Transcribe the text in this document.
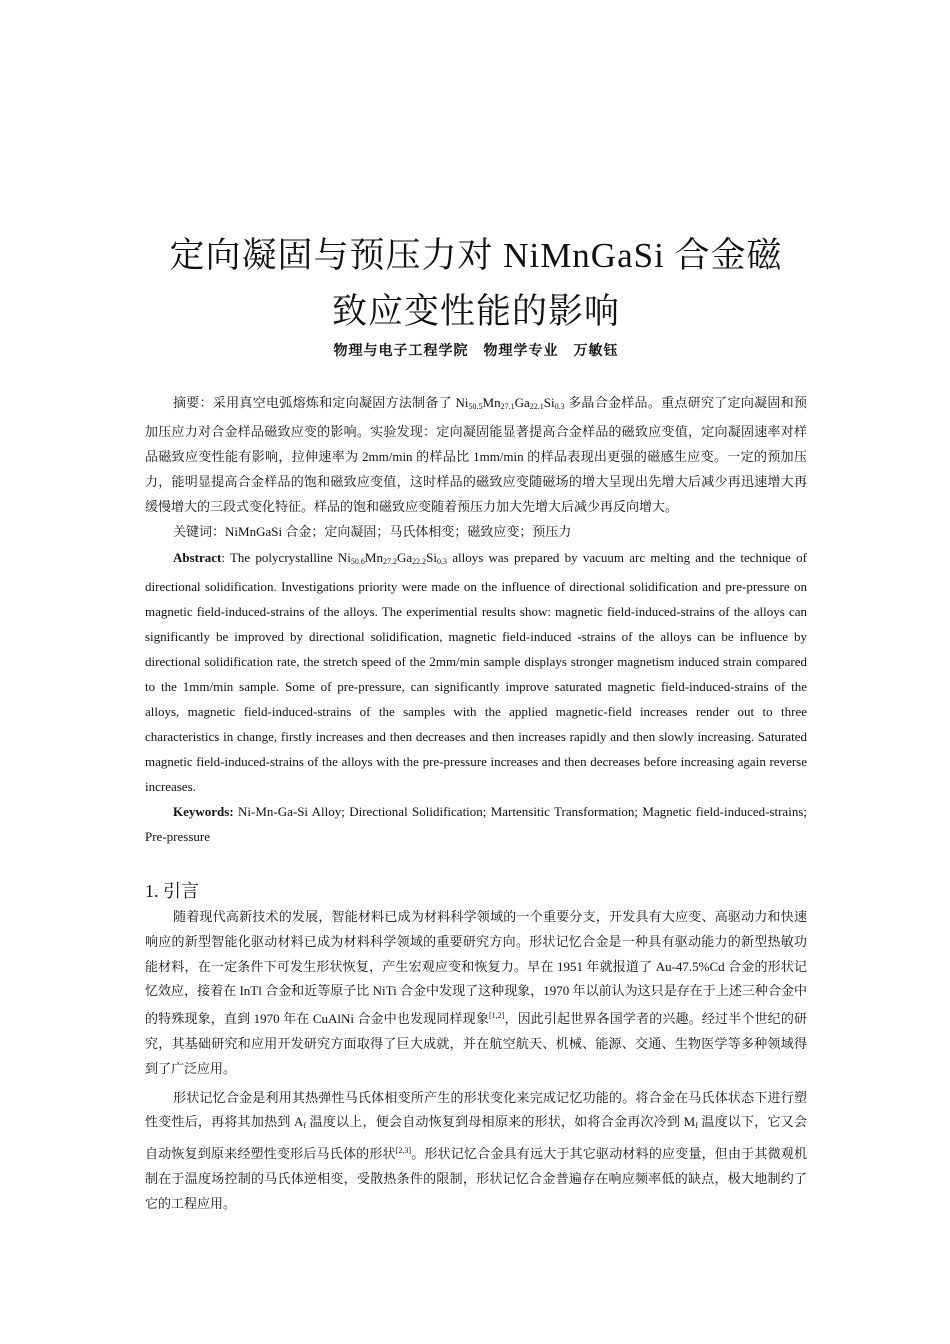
定向凝固与预压力对 NiMnGaSi 合金磁
致应变性能的影响
物理与电子工程学院　物理学专业　万敏钰

摘要：采用真空电弧熔炼和定向凝固方法制备了 $Ni_{50.5}Mn_{27.1}Ga_{22.1}Si_{0.3}$ 多晶合金样品。重点研究了定向凝固和预加压应力对合金样品磁致应变的影响。实验发现：定向凝固能显著提高合金样品的磁致应变值，定向凝固速率对样品磁致应变性能有影响，拉伸速率为 2mm/min 的样品比 1mm/min 的样品表现出更强的磁感生应变。一定的预加压力，能明显提高合金样品的饱和磁致应变值，这时样品的磁致应变随磁场的增大呈现出先增大后减少再迅速增大再缓慢增大的三段式变化特征。样品的饱和磁致应变随着预压力加大先增大后减少再反向增大。

关键词：NiMnGaSi 合金；定向凝固；马氏体相变；磁致应变；预压力

Abstract: The polycrystalline $Ni_{50.6}Mn_{27.2}Ga_{22.2}Si_{0.3}$ alloys was prepared by vacuum arc melting and the technique of directional solidification. Investigations priority were made on the influence of directional solidification and pre-pressure on magnetic field-induced-strains of the alloys. The experimential results show: magnetic field-induced-strains of the alloys can significantly be improved by directional solidification, magnetic field-induced -strains of the alloys can be influence by directional solidification rate, the stretch speed of the 2mm/min sample displays stronger magnetism induced strain compared to the 1mm/min sample. Some of pre-pressure, can significantly improve saturated magnetic field-induced-strains of the alloys, magnetic field-induced-strains of the samples with the applied magnetic-field increases render out to three characteristics in change, firstly increases and then decreases and then increases rapidly and then slowly increasing. Saturated magnetic field-induced-strains of the alloys with the pre-pressure increases and then decreases before increasing again reverse increases.

Keywords: Ni-Mn-Ga-Si Alloy; Directional Solidification; Martensitic Transformation; Magnetic field-induced-strains; Pre-pressure

1. 引言

随着现代高新技术的发展，智能材料已成为材料科学领域的一个重要分支，开发具有大应变、高驱动力和快速响应的新型智能化驱动材料已成为材料科学领域的重要研究方向。形状记忆合金是一种具有驱动能力的新型热敏功能材料，在一定条件下可发生形状恢复，产生宏观应变和恢复力。早在 1951 年就报道了 Au-47.5%Cd 合金的形状记忆效应，接着在 InTl 合金和近等原子比 NiTi 合金中发现了这种现象，1970 年以前认为这只是存在于上述三种合金中的特殊现象，直到 1970 年在 CuAlNi 合金中也发现同样现象[1,2]，因此引起世界各国学者的兴趣。经过半个世纪的研究，其基础研究和应用开发研究方面取得了巨大成就，并在航空航天、机械、能源、交通、生物医学等多种领域得到了广泛应用。

形状记忆合金是利用其热弹性马氏体相变所产生的形状变化来完成记忆功能的。将合金在马氏体状态下进行塑性变性后，再将其加热到 $A_f$ 温度以上，便会自动恢复到母相原来的形状，如将合金再次冷到 $M_f$ 温度以下，它又会自动恢复到原来经塑性变形后马氏体的形状[2,3]。形状记忆合金具有远大于其它驱动材料的应变量，但由于其微观机制在于温度场控制的马氏体逆相变，受散热条件的限制，形状记忆合金普遍存在响应频率低的缺点，极大地制约了它的工程应用。
